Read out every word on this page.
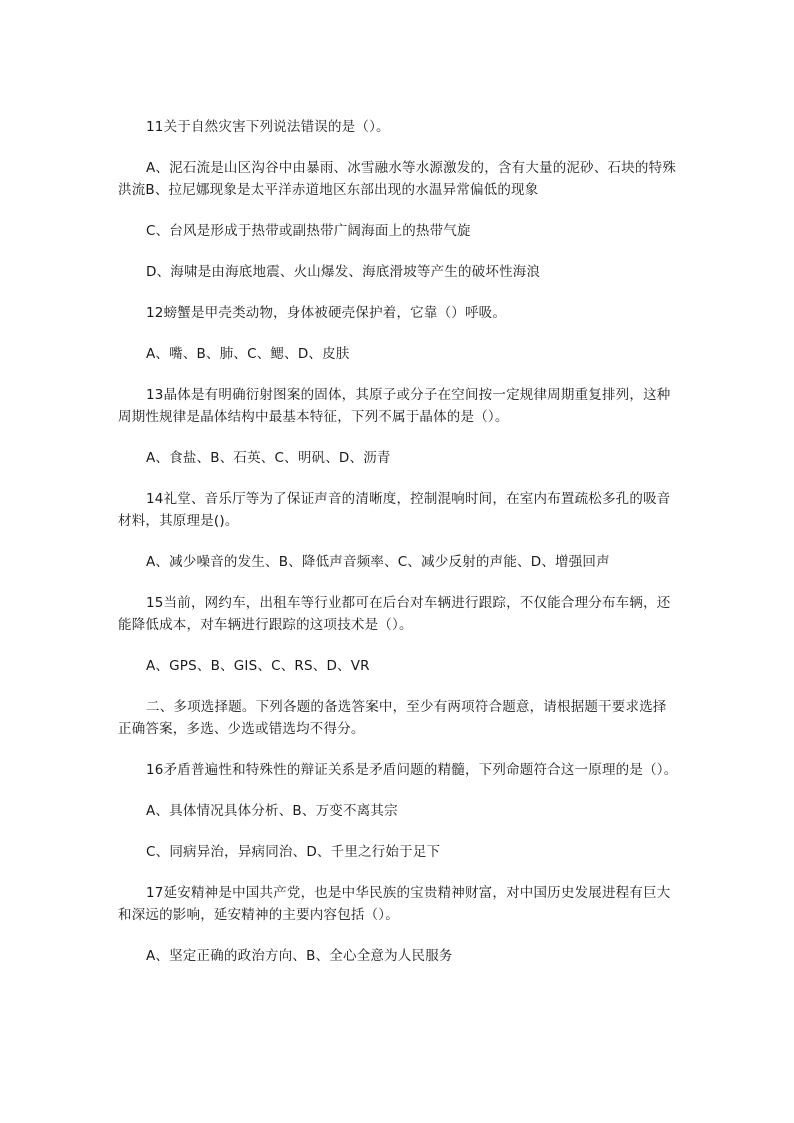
11关于自然灾害下列说法错误的是（）。

A、泥石流是山区沟谷中由暴雨、冰雪融水等水源激发的，含有大量的泥砂、石块的特殊洪流B、拉尼娜现象是太平洋赤道地区东部出现的水温异常偏低的现象

C、台风是形成于热带或副热带广阔海面上的热带气旋

D、海啸是由海底地震、火山爆发、海底滑坡等产生的破坏性海浪

12螃蟹是甲壳类动物，身体被硬壳保护着，它靠（）呼吸。

A、嘴、B、肺、C、鳃、D、皮肤

13晶体是有明确衍射图案的固体，其原子或分子在空间按一定规律周期重复排列，这种周期性规律是晶体结构中最基本特征，下列不属于晶体的是（）。

A、食盐、B、石英、C、明矾、D、沥青

14礼堂、音乐厅等为了保证声音的清晰度，控制混响时间，在室内布置疏松多孔的吸音材料，其原理是()。

A、减少噪音的发生、B、降低声音频率、C、减少反射的声能、D、增强回声

15当前，网约车，出租车等行业都可在后台对车辆进行跟踪，不仅能合理分布车辆，还能降低成本，对车辆进行跟踪的这项技术是（）。

A、GPS、B、GIS、C、RS、D、VR

二、多项选择题。下列各题的备选答案中，至少有两项符合题意，请根据题干要求选择正确答案，多选、少选或错选均不得分。

16矛盾普遍性和特殊性的辩证关系是矛盾问题的精髓，下列命题符合这一原理的是（）。

A、具体情况具体分析、B、万变不离其宗

C、同病异治，异病同治、D、千里之行始于足下

17延安精神是中国共产党，也是中华民族的宝贵精神财富，对中国历史发展进程有巨大和深远的影响，延安精神的主要内容包括（）。

A、坚定正确的政治方向、B、全心全意为人民服务
